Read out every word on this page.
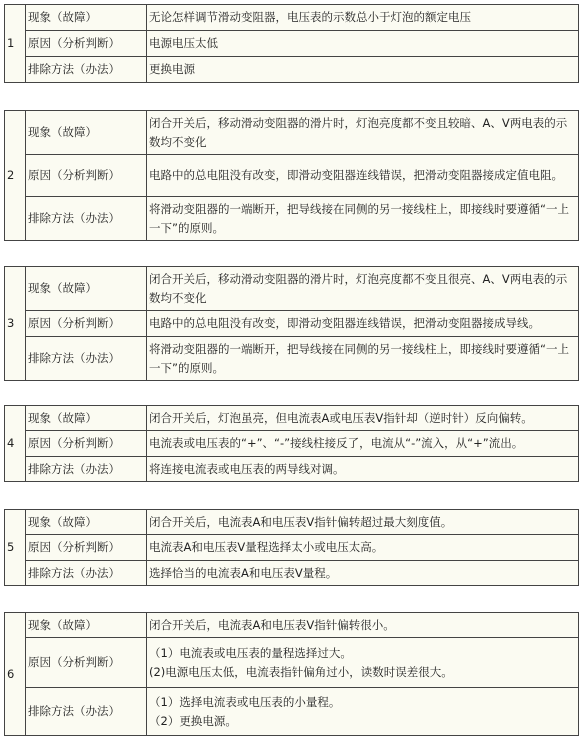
1	现象（故障）	无论怎样调节滑动变阻器，电压表的示数总小于灯泡的额定电压
	原因（分析判断）	电源电压太低
	排除方法（办法）	更换电源
2	现象（故障）	闭合开关后，移动滑动变阻器的滑片时，灯泡亮度都不变且较暗、A、V两电表的示数均不变化
	原因（分析判断）	电路中的总电阻没有改变，即滑动变阻器连线错误，把滑动变阻器接成定值电阻。
	排除方法（办法）	将滑动变阻器的一端断开，把导线接在同侧的另一接线柱上，即接线时要遵循“一上一下”的原则。
3	现象（故障）	闭合开关后，移动滑动变阻器的滑片时，灯泡亮度都不变且很亮、A、V两电表的示数均不变化
	原因（分析判断）	电路中的总电阻没有改变，即滑动变阻器连线错误，把滑动变阻器接成导线。
	排除方法（办法）	将滑动变阻器的一端断开，把导线接在同侧的另一接线柱上，即接线时要遵循“一上一下”的原则。
4	现象（故障）	闭合开关后，灯泡虽亮，但电流表A或电压表V指针却（逆时针）反向偏转。
	原因（分析判断）	电流表或电压表的“+”、“-”接线柱接反了，电流从“-”流入，从“+”流出。
	排除方法（办法）	将连接电流表或电压表的两导线对调。
5	现象（故障）	闭合开关后，电流表A和电压表V指针偏转超过最大刻度值。
	原因（分析判断）	电流表A和电压表V量程选择太小或电压太高。
	排除方法（办法）	选择恰当的电流表A和电压表V量程。
6	现象（故障）	闭合开关后，电流表A和电压表V指针偏转很小。
	原因（分析判断）	（1）电流表或电压表的量程选择过大。
(2)电源电压太低，电流表指针偏角过小，读数时误差很大。

	排除方法（办法）	（1）选择电流表或电压表的小量程。
（2）更换电源。
